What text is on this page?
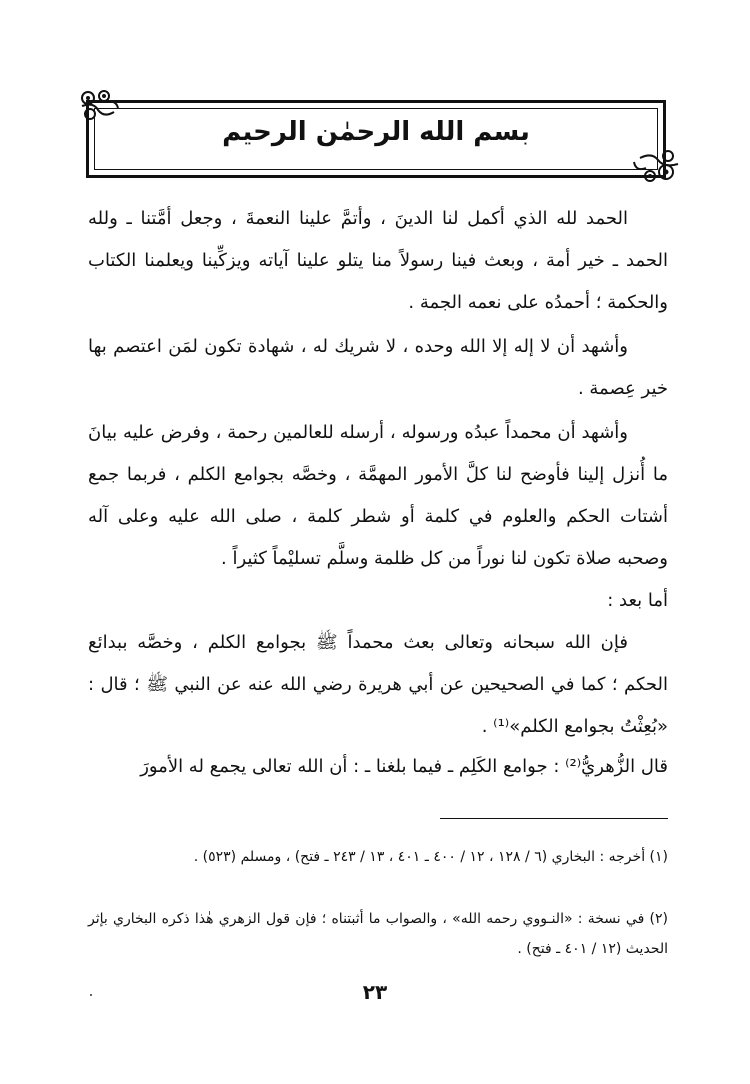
بسم الله الرحمٰن الرحيم

الحمد لله الذي أكمل لنا الدينَ ، وأتمَّ علينا النعمةَ ، وجعل أمَّتنا ـ ولله الحمد ـ خير أمة ، وبعث فينا رسولاً منا يتلو علينا آياته ويزكِّينا ويعلمنا الكتاب والحكمة ؛ أحمدُه على نعمه الجمة .

وأشهد أن لا إله إلا الله وحده ، لا شريك له ، شهادة تكون لمَن اعتصم بها خير عِصمة .

وأشهد أن محمداً عبدُه ورسوله ، أرسله للعالمين رحمة ، وفرض عليه بيانَ ما أُنزل إلينا فأوضح لنا كلَّ الأمور المهمَّة ، وخصَّه بجوامع الكلم ، فربما جمع أشتات الحكم والعلوم في كلمة أو شطر كلمة ، صلى الله عليه وعلى آله وصحبه صلاة تكون لنا نوراً من كل ظلمة وسلَّم تسليْماً كثيراً .

أما بعد :

فإن الله سبحانه وتعالى بعث محمداً ﷺ بجوامع الكلم ، وخصَّه ببدائع الحكم ؛ كما في الصحيحين عن أبي هريرة رضي الله عنه عن النبي ﷺ ؛ قال : «بُعِثْتُ بجوامع الكلم»⁽¹⁾ .

قال الزُّهريُّ⁽²⁾ : جوامع الكَلِم ـ فيما بلغنا ـ : أن الله تعالى يجمع له الأمورَ

(١) أخرجه : البخاري (٦ / ١٢٨ ، ١٢ / ٤٠٠ ـ ٤٠١ ، ١٣ / ٢٤٣ ـ فتح) ، ومسلم (٥٢٣) .

(٢) في نسخة : «النـووي رحمه الله» ، والصواب ما أثبتناه ؛ فإن قول الزهري هٰذا ذكره البخاري بإثر الحديث (١٢ / ٤٠١ ـ فتح) .

٢٣
